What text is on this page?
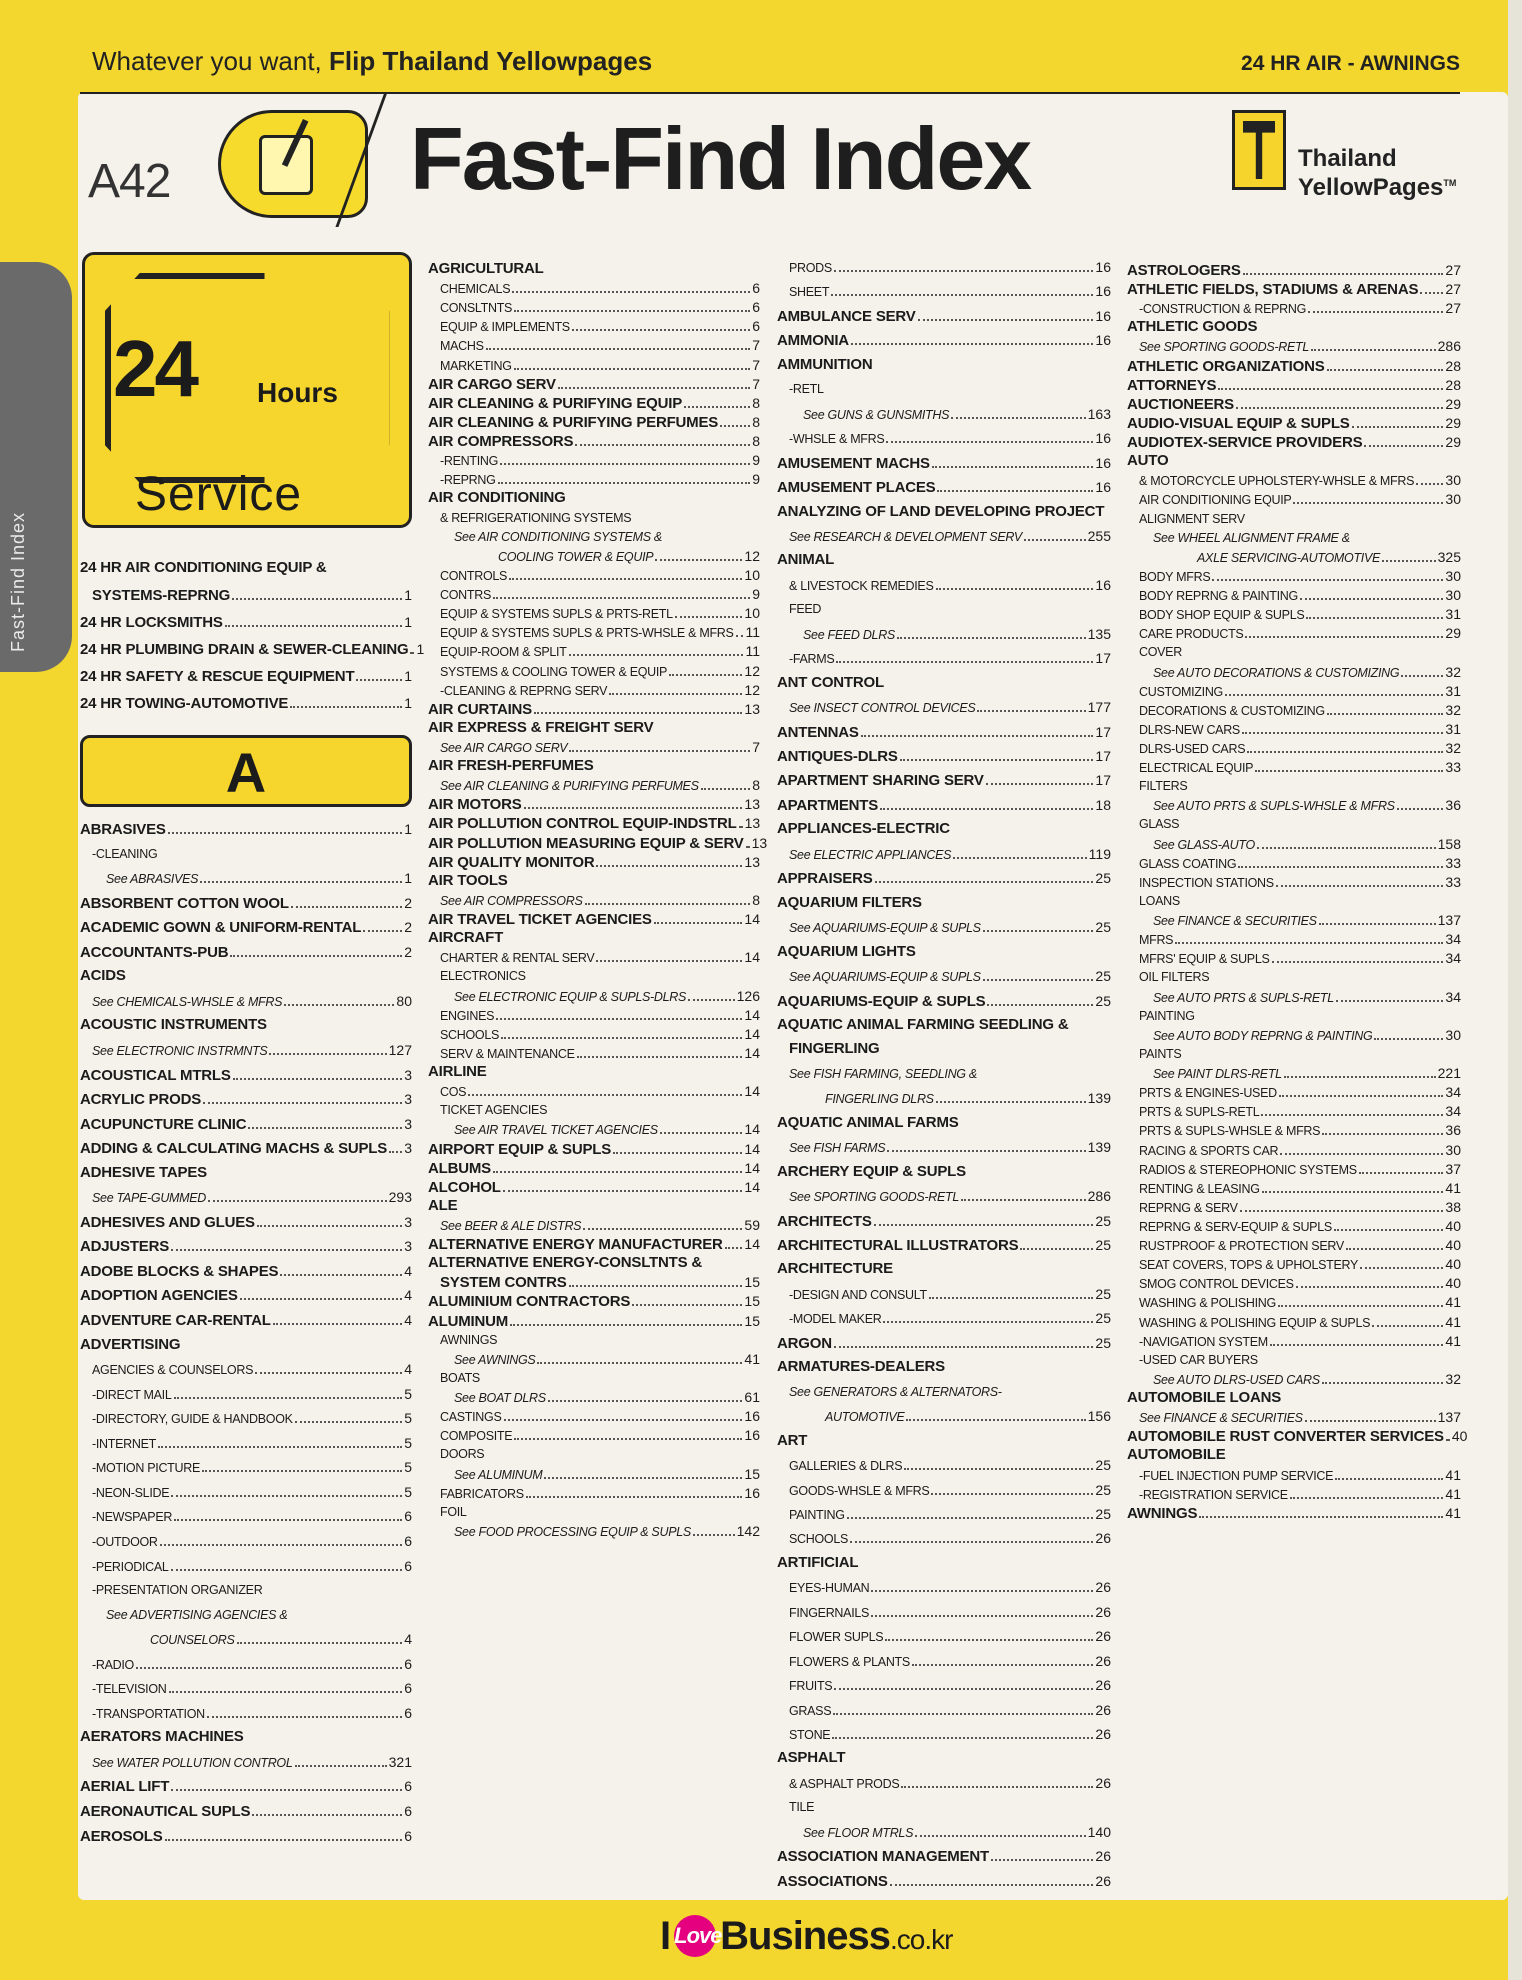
Whatever you want, Flip Thailand Yellowpages	24 HR AIR - AWNINGS
A42	Fast-Find Index	Thailand
YellowPages™
Fast-Find Index
24 Hours
Service
A
24 HR AIR CONDITIONING EQUIP &
SYSTEMS-REPRNG	1
24 HR LOCKSMITHS	1
24 HR PLUMBING DRAIN & SEWER-CLEANING 1
24 HR SAFETY & RESCUE EQUIPMENT	1
24 HR TOWING-AUTOMOTIVE	1
ABRASIVES	1
-CLEANING
See ABRASIVES	1
ABSORBENT COTTON WOOL	2
ACADEMIC GOWN & UNIFORM-RENTAL	2
ACCOUNTANTS-PUB	2
ACIDS
See CHEMICALS-WHSLE & MFRS	80
ACOUSTIC INSTRUMENTS
See ELECTRONIC INSTRMNTS	127
ACOUSTICAL MTRLS	3
ACRYLIC PRODS	3
ACUPUNCTURE CLINIC	3
ADDING & CALCULATING MACHS & SUPLS 3
ADHESIVE TAPES
See TAPE-GUMMED	293
ADHESIVES AND GLUES	3
ADJUSTERS	3
ADOBE BLOCKS & SHAPES	4
ADOPTION AGENCIES	4
ADVENTURE CAR-RENTAL	4
ADVERTISING
AGENCIES & COUNSELORS	4
-DIRECT MAIL	5
-DIRECTORY, GUIDE & HANDBOOK	5
-INTERNET	5
-MOTION PICTURE	5
-NEON-SLIDE	5
-NEWSPAPER	6
-OUTDOOR	6
-PERIODICAL	6
-PRESENTATION ORGANIZER
See ADVERTISING AGENCIES &
COUNSELORS	4
-RADIO	6
-TELEVISION	6
-TRANSPORTATION	6
AERATORS MACHINES
See WATER POLLUTION CONTROL	321
AERIAL LIFT	6
AERONAUTICAL SUPLS	6
AEROSOLS	6
AGRICULTURAL
CHEMICALS	6
CONSLTNTS	6
EQUIP & IMPLEMENTS	6
MACHS	7
MARKETING	7
AIR CARGO SERV	7
AIR CLEANING & PURIFYING EQUIP	8
AIR CLEANING & PURIFYING PERFUMES 8
AIR COMPRESSORS	8
-RENTING	9
-REPRNG	9
AIR CONDITIONING
& REFRIGERATIONING SYSTEMS
See AIR CONDITIONING SYSTEMS &
COOLING TOWER & EQUIP	12
CONTROLS	10
CONTRS	9
EQUIP & SYSTEMS SUPLS & PRTS-RETL	10
EQUIP & SYSTEMS SUPLS & PRTS-WHSLE & MFRS 11
EQUIP-ROOM & SPLIT	11
SYSTEMS & COOLING TOWER & EQUIP	12
-CLEANING & REPRNG SERV	12
AIR CURTAINS	13
AIR EXPRESS & FREIGHT SERV
See AIR CARGO SERV	7
AIR FRESH-PERFUMES
See AIR CLEANING & PURIFYING PERFUMES	8
AIR MOTORS	13
AIR POLLUTION CONTROL EQUIP-INDSTRL 13
AIR POLLUTION MEASURING EQUIP & SERV 13
AIR QUALITY MONITOR	13
AIR TOOLS
See AIR COMPRESSORS	8
AIR TRAVEL TICKET AGENCIES	14
AIRCRAFT
CHARTER & RENTAL SERV	14
ELECTRONICS
See ELECTRONIC EQUIP & SUPLS-DLRS	126
ENGINES	14
SCHOOLS	14
SERV & MAINTENANCE	14
AIRLINE
COS	14
TICKET AGENCIES
See AIR TRAVEL TICKET AGENCIES	14
AIRPORT EQUIP & SUPLS	14
ALBUMS	14
ALCOHOL	14
ALE
See BEER & ALE DISTRS	59
ALTERNATIVE ENERGY MANUFACTURER 14
ALTERNATIVE ENERGY-CONSLTNTS &
SYSTEM CONTRS	15
ALUMINIUM CONTRACTORS	15
ALUMINUM	15
AWNINGS
See AWNINGS	41
BOATS
See BOAT DLRS	61
CASTINGS	16
COMPOSITE	16
DOORS
See ALUMINUM	15
FABRICATORS	16
FOIL
See FOOD PROCESSING EQUIP & SUPLS	142
PRODS	16
SHEET	16
AMBULANCE SERV	16
AMMONIA	16
AMMUNITION
-RETL
See GUNS & GUNSMITHS	163
-WHSLE & MFRS	16
AMUSEMENT MACHS	16
AMUSEMENT PLACES	16
ANALYZING OF LAND DEVELOPING PROJECT
See RESEARCH & DEVELOPMENT SERV	255
ANIMAL
& LIVESTOCK REMEDIES	16
FEED
See FEED DLRS	135
-FARMS	17
ANT CONTROL
See INSECT CONTROL DEVICES	177
ANTENNAS	17
ANTIQUES-DLRS	17
APARTMENT SHARING SERV	17
APARTMENTS	18
APPLIANCES-ELECTRIC
See ELECTRIC APPLIANCES	119
APPRAISERS	25
AQUARIUM FILTERS
See AQUARIUMS-EQUIP & SUPLS	25
AQUARIUM LIGHTS
See AQUARIUMS-EQUIP & SUPLS	25
AQUARIUMS-EQUIP & SUPLS	25
AQUATIC ANIMAL FARMING SEEDLING &
FINGERLING
See FISH FARMING, SEEDLING &
FINGERLING DLRS	139
AQUATIC ANIMAL FARMS
See FISH FARMS	139
ARCHERY EQUIP & SUPLS
See SPORTING GOODS-RETL	286
ARCHITECTS	25
ARCHITECTURAL ILLUSTRATORS	25
ARCHITECTURE
-DESIGN AND CONSULT	25
-MODEL MAKER	25
ARGON	25
ARMATURES-DEALERS
See GENERATORS & ALTERNATORS-
AUTOMOTIVE	156
ART
GALLERIES & DLRS	25
GOODS-WHSLE & MFRS	25
PAINTING	25
SCHOOLS	26
ARTIFICIAL
EYES-HUMAN	26
FINGERNAILS	26
FLOWER SUPLS	26
FLOWERS & PLANTS	26
FRUITS	26
GRASS	26
STONE	26
ASPHALT
& ASPHALT PRODS	26
TILE
See FLOOR MTRLS	140
ASSOCIATION MANAGEMENT	26
ASSOCIATIONS	26
ASTROLOGERS	27
ATHLETIC FIELDS, STADIUMS & ARENAS 27
-CONSTRUCTION & REPRNG	27
ATHLETIC GOODS
See SPORTING GOODS-RETL	286
ATHLETIC ORGANIZATIONS	28
ATTORNEYS	28
AUCTIONEERS	29
AUDIO-VISUAL EQUIP & SUPLS	29
AUDIOTEX-SERVICE PROVIDERS	29
AUTO
& MOTORCYCLE UPHOLSTERY-WHSLE & MFRS 30
AIR CONDITIONING EQUIP	30
ALIGNMENT SERV
See WHEEL ALIGNMENT FRAME &
AXLE SERVICING-AUTOMOTIVE	325
BODY MFRS	30
BODY REPRNG & PAINTING	30
BODY SHOP EQUIP & SUPLS	31
CARE PRODUCTS	29
COVER
See AUTO DECORATIONS & CUSTOMIZING	32
CUSTOMIZING	31
DECORATIONS & CUSTOMIZING	32
DLRS-NEW CARS	31
DLRS-USED CARS	32
ELECTRICAL EQUIP	33
FILTERS
See AUTO PRTS & SUPLS-WHSLE & MFRS	36
GLASS
See GLASS-AUTO	158
GLASS COATING	33
INSPECTION STATIONS	33
LOANS
See FINANCE & SECURITIES	137
MFRS	34
MFRS' EQUIP & SUPLS	34
OIL FILTERS
See AUTO PRTS & SUPLS-RETL	34
PAINTING
See AUTO BODY REPRNG & PAINTING	30
PAINTS
See PAINT DLRS-RETL	221
PRTS & ENGINES-USED	34
PRTS & SUPLS-RETL	34
PRTS & SUPLS-WHSLE & MFRS	36
RACING & SPORTS CAR	30
RADIOS & STEREOPHONIC SYSTEMS	37
RENTING & LEASING	41
REPRNG & SERV	38
REPRNG & SERV-EQUIP & SUPLS	40
RUSTPROOF & PROTECTION SERV	40
SEAT COVERS, TOPS & UPHOLSTERY	40
SMOG CONTROL DEVICES	40
WASHING & POLISHING	41
WASHING & POLISHING EQUIP & SUPLS	41
-NAVIGATION SYSTEM	41
-USED CAR BUYERS
See AUTO DLRS-USED CARS	32
AUTOMOBILE LOANS
See FINANCE & SECURITIES	137
AUTOMOBILE RUST CONVERTER SERVICES 40
AUTOMOBILE
-FUEL INJECTION PUMP SERVICE	41
-REGISTRATION SERVICE	41
AWNINGS	41
I LoveBusiness.co.kr
